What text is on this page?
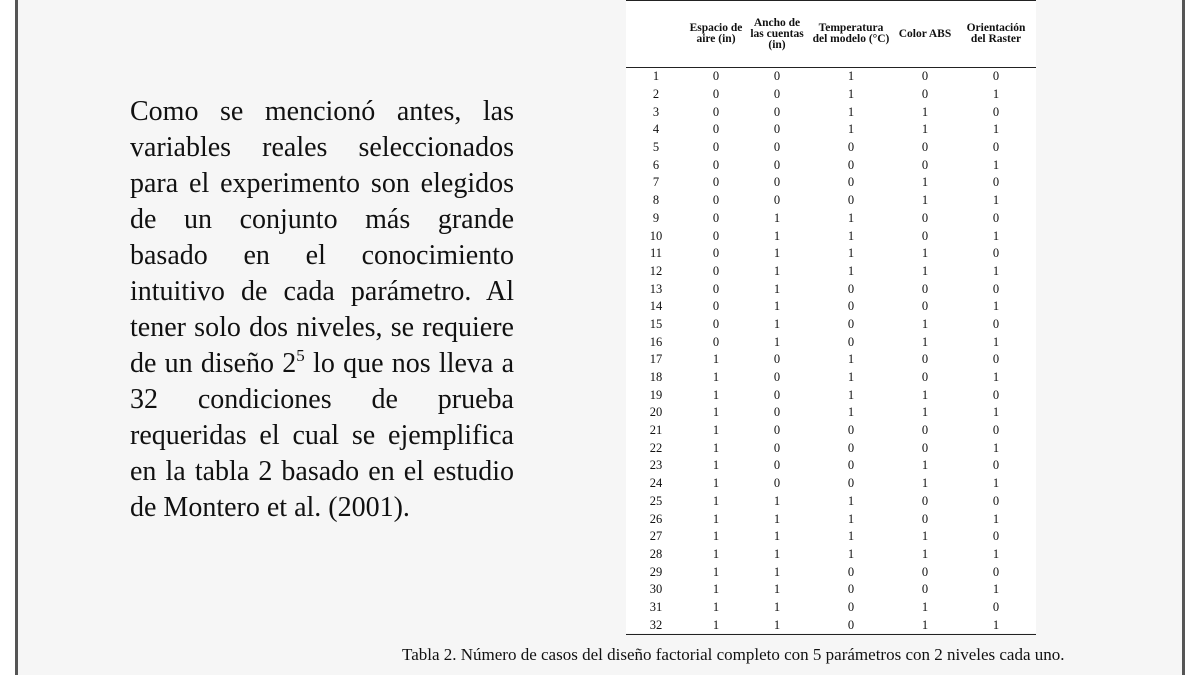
Como se mencionó antes, las variables reales seleccionados para el experimento son elegidos de un conjunto más grande basado en el conocimiento intuitivo de cada parámetro. Al tener solo dos niveles, se requiere de un diseño $2^5$ lo que nos lleva a 32 condiciones de prueba requeridas el cual se ejemplifica en la tabla 2 basado en el estudio de Montero et al. (2001).

	Espacio de aire (in)	Ancho de las cuentas (in)	Temperatura del modelo (°C)	Color ABS	Orientación del Raster
1	0	0	1	0	0
2	0	0	1	0	1
3	0	0	1	1	0
4	0	0	1	1	1
5	0	0	0	0	0
6	0	0	0	0	1
7	0	0	0	1	0
8	0	0	0	1	1
9	0	1	1	0	0
10	0	1	1	0	1
11	0	1	1	1	0
12	0	1	1	1	1
13	0	1	0	0	0
14	0	1	0	0	1
15	0	1	0	1	0
16	0	1	0	1	1
17	1	0	1	0	0
18	1	0	1	0	1
19	1	0	1	1	0
20	1	0	1	1	1
21	1	0	0	0	0
22	1	0	0	0	1
23	1	0	0	1	0
24	1	0	0	1	1
25	1	1	1	0	0
26	1	1	1	0	1
27	1	1	1	1	0
28	1	1	1	1	1
29	1	1	0	0	0
30	1	1	0	0	1
31	1	1	0	1	0
32	1	1	0	1	1
Tabla 2. Número de casos del diseño factorial completo con 5 parámetros con 2 niveles cada uno.
